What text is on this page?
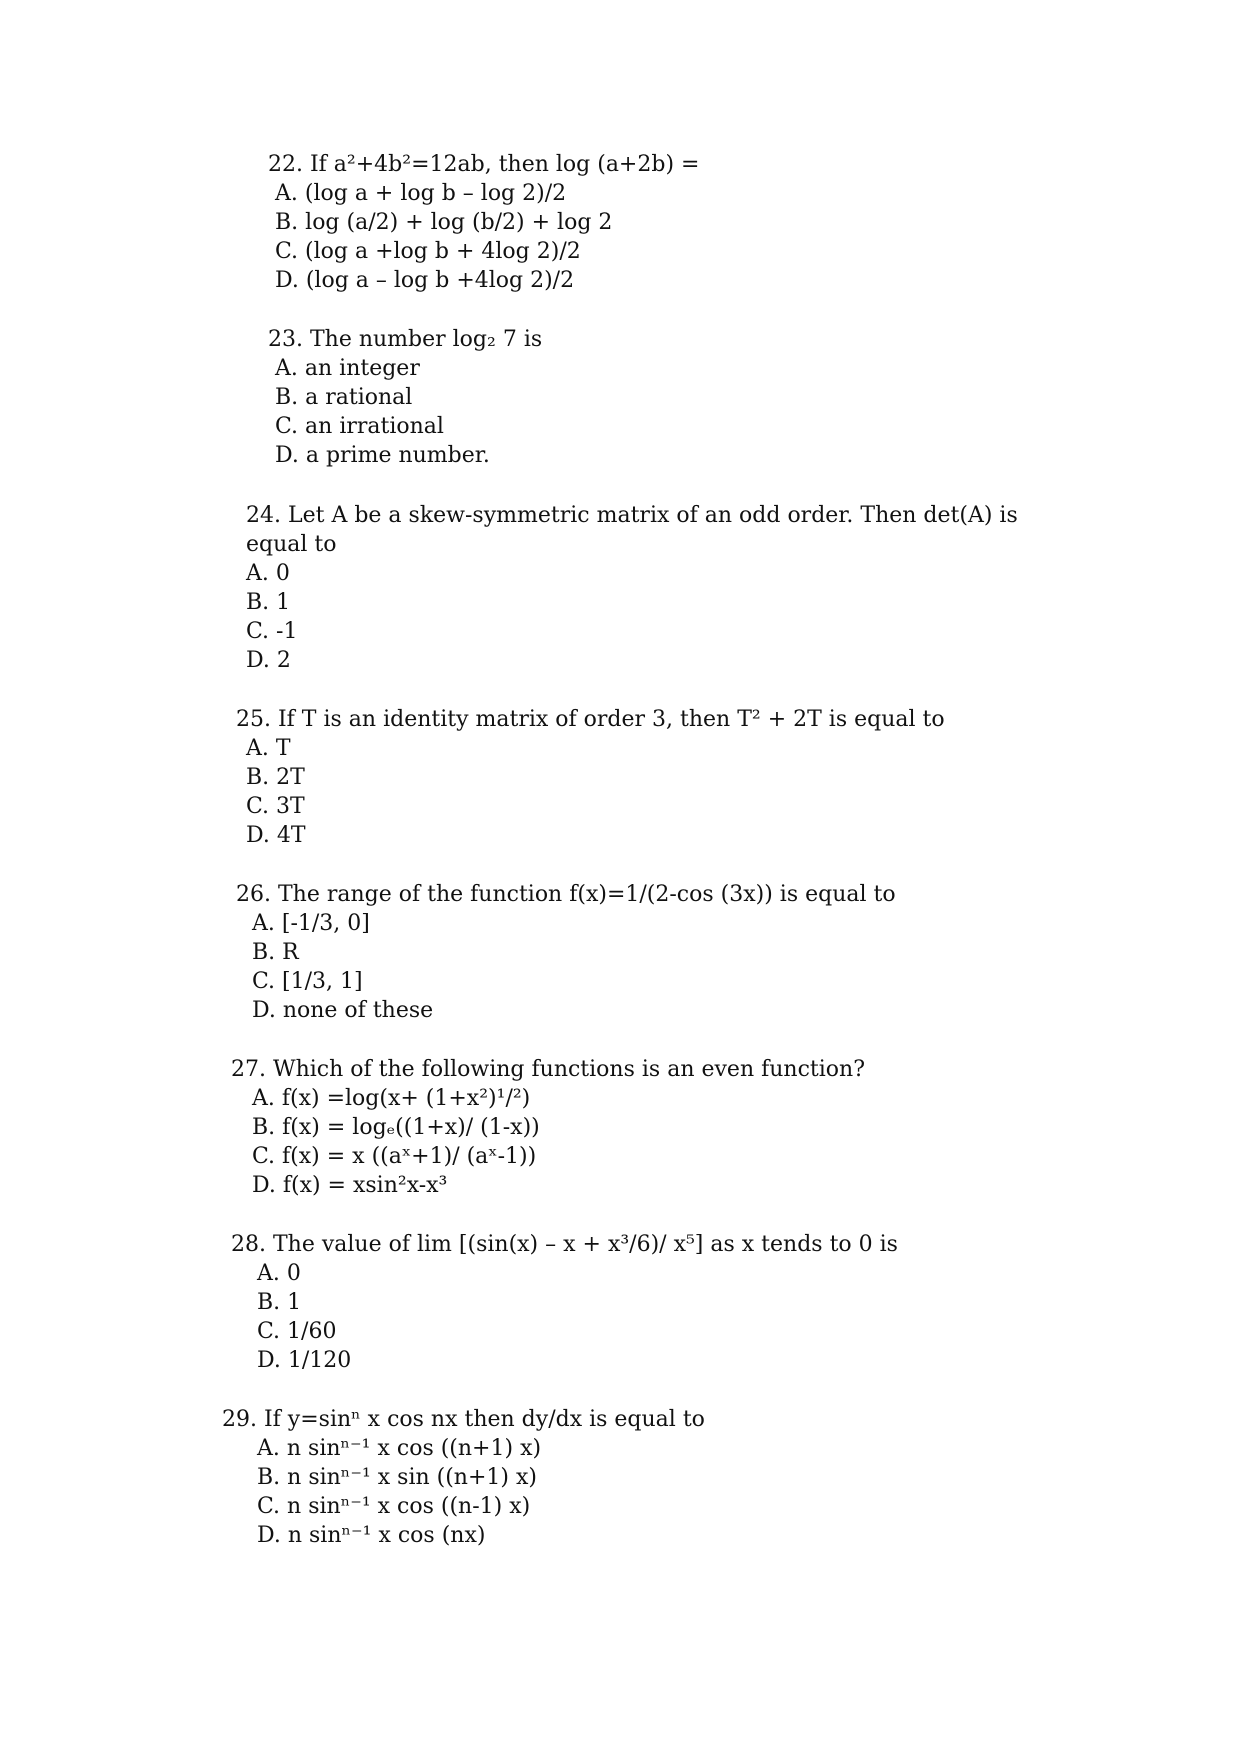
22. If a²+4b²=12ab, then log (a+2b) =
A. (log a + log b – log 2)/2
B. log (a/2) + log (b/2) + log 2
C. (log a +log b + 4log 2)/2
D. (log a – log b +4log 2)/2
23. The number log₂ 7 is
A. an integer
B. a rational
C. an irrational
D. a prime number.
24. Let A be a skew-symmetric matrix of an odd order. Then det(A) is equal to
A. 0
B. 1
C. -1
D. 2
25. If T is an identity matrix of order 3, then T² + 2T is equal to
A. T
B. 2T
C. 3T
D. 4T
26. The range of the function f(x)=1/(2-cos (3x)) is equal to
A. [-1/3, 0]
B. R
C. [1/3, 1]
D. none of these
27. Which of the following functions is an even function?
A. f(x) =log(x+ (1+x²)¹/²)
B. f(x) = logₑ((1+x)/ (1-x))
C. f(x) = x ((aˣ+1)/ (aˣ-1))
D. f(x) = xsin²x-x³
28. The value of lim [(sin(x) – x + x³/6)/ x⁵] as x tends to 0 is
A. 0
B. 1
C. 1/60
D. 1/120
29. If y=sinⁿ x cos nx then dy/dx is equal to
A. n sinⁿ⁻¹ x cos ((n+1) x)
B. n sinⁿ⁻¹ x sin ((n+1) x)
C. n sinⁿ⁻¹ x cos ((n-1) x)
D. n sinⁿ⁻¹ x cos (nx)
